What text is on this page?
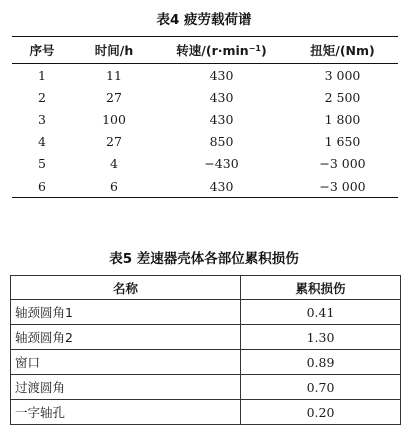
表4 疲劳载荷谱
序号	时间/h	转速$/(r\cdot\min^{-1})$	扭矩/(Nm)
1	11	430	3 000
2	27	430	2 500
3	100	430	1 800
4	27	850	1 650
5	4	−430	−3 000
6	6	430	−3 000
表5 差速器壳体各部位累积损伤
名称	累积损伤
轴颈圆角1	0.41
轴颈圆角2	1.30
窗口	0.89
过渡圆角	0.70
一字轴孔	0.20
